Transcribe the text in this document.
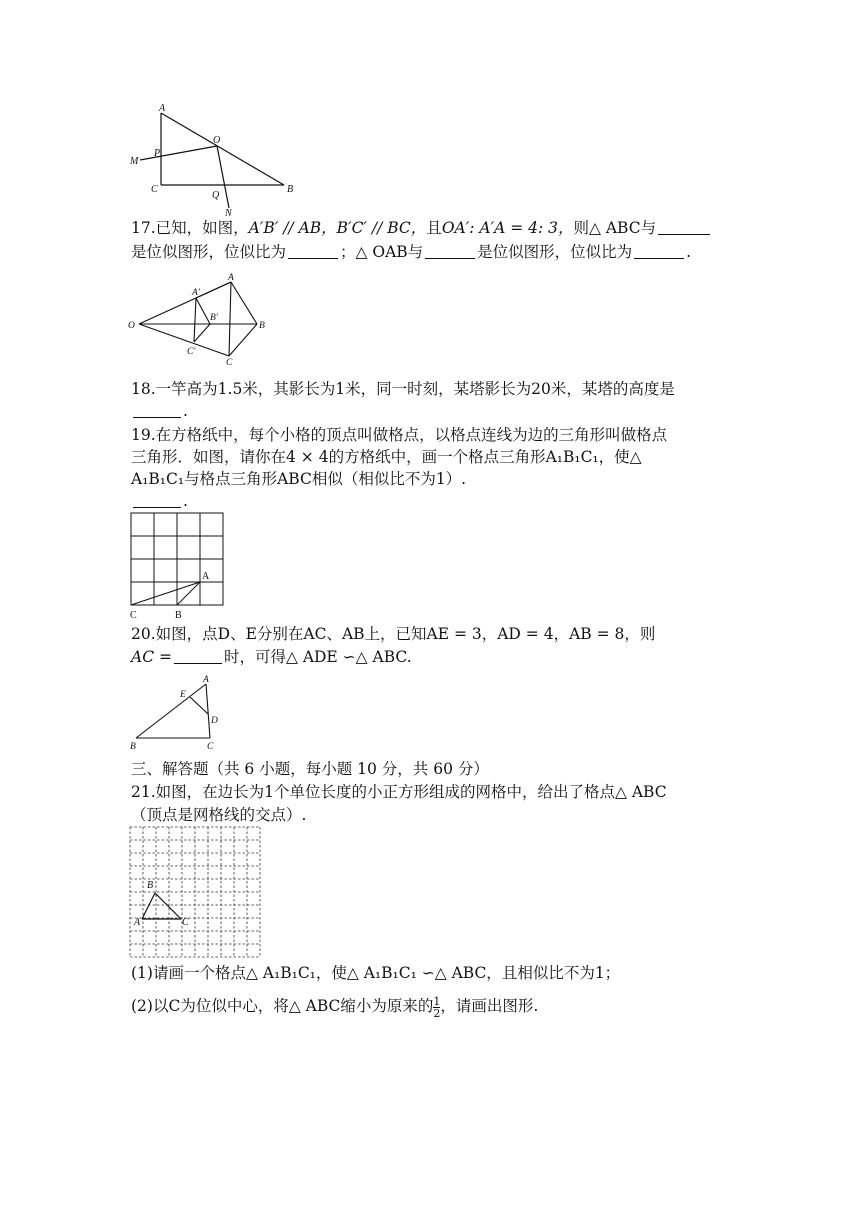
A
O
M
P
C
Q
B
N
17.已知，如图，A′B′ // AB，B′C′ // BC，且OA′: A′A = 4: 3，则△ ABC与
是位似图形，位似比为	；△ OAB与	是位似图形，位似比为	.
A
A′
B′
O	B
C′
C
18.一竿高为1.5米，其影长为1米，同一时刻，某塔影长为20米，某塔的高度是
.
19.在方格纸中，每个小格的顶点叫做格点，以格点连线为边的三角形叫做格点
三角形．如图，请你在4 × 4的方格纸中，画一个格点三角形A₁B₁C₁，使△
A₁B₁C₁与格点三角形ABC相似（相似比不为1）.
.
A
B
C
20.如图，点D、E分别在AC、AB上，已知AE = 3，AD = 4，AB = 8，则
AC =	时，可得△ ADE ∽△ ABC.
A
E
D
B	C
三、解答题（共 6 小题，每小题 10 分，共 60 分）
21.如图，在边长为1个单位长度的小正方形组成的网格中，给出了格点△ ABC
（顶点是网格线的交点）.
A
B
C
(1)请画一个格点△ A₁B₁C₁，使△ A₁B₁C₁ ∽△ ABC，且相似比不为1；
(2)以C为位似中心，将△ ABC缩小为原来的 $\frac{1}{2}$ ，请画出图形.
